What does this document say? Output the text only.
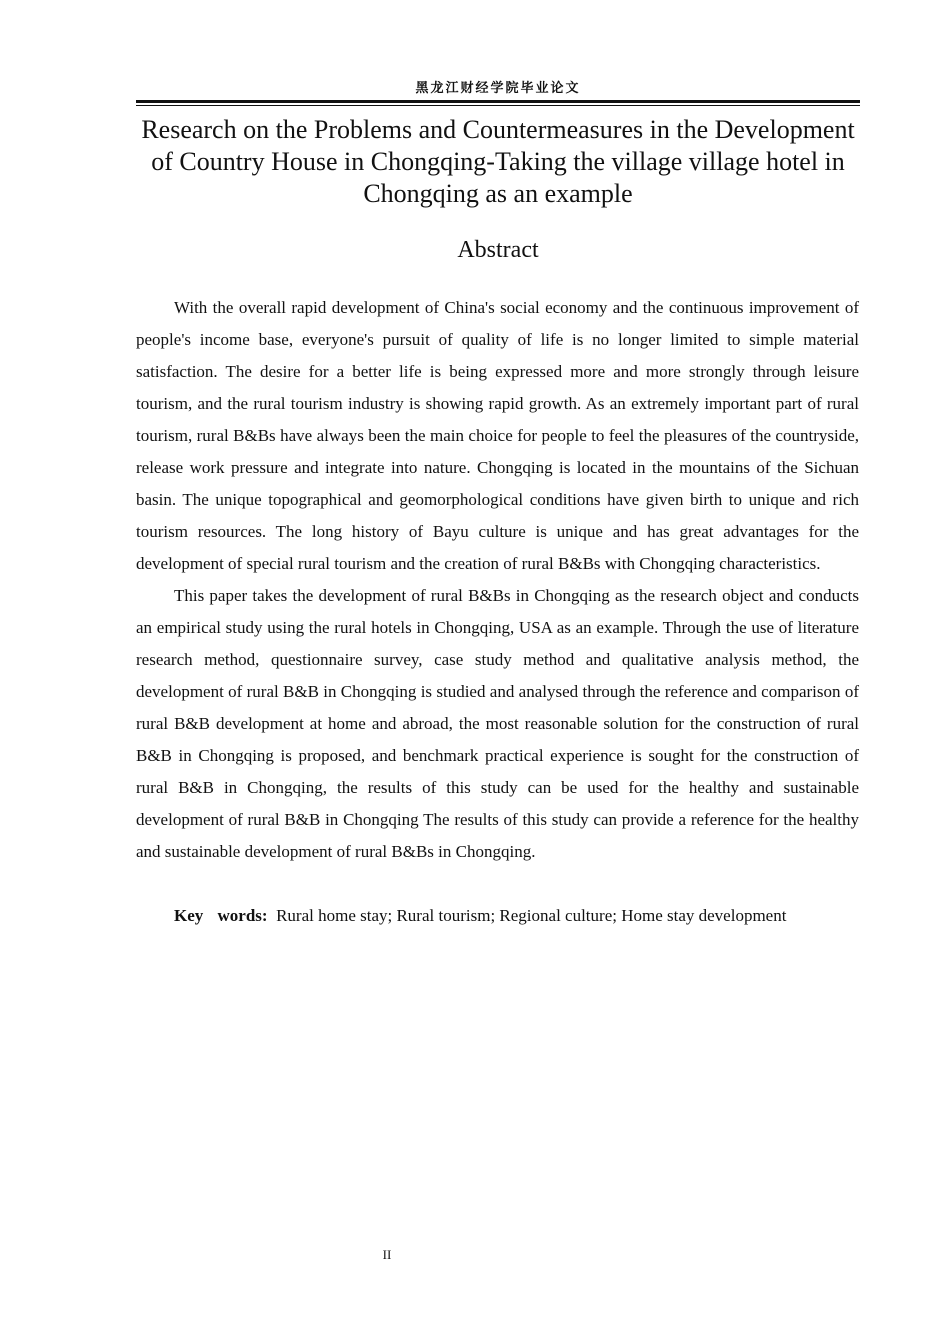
黑龙江财经学院毕业论文
Research on the Problems and Countermeasures in the Development of Country House in Chongqing-Taking the village village hotel in Chongqing as an example
Abstract

With the overall rapid development of China's social economy and the continuous improvement of people's income base, everyone's pursuit of quality of life is no longer limited to simple material satisfaction. The desire for a better life is being expressed more and more strongly through leisure tourism, and the rural tourism industry is showing rapid growth. As an extremely important part of rural tourism, rural B&Bs have always been the main choice for people to feel the pleasures of the countryside, release work pressure and integrate into nature. Chongqing is located in the mountains of the Sichuan basin. The unique topographical and geomorphological conditions have given birth to unique and rich tourism resources. The long history of Bayu culture is unique and has great advantages for the development of special rural tourism and the creation of rural B&Bs with Chongqing characteristics.

This paper takes the development of rural B&Bs in Chongqing as the research object and conducts an empirical study using the rural hotels in Chongqing, USA as an example. Through the use of literature research method, questionnaire survey, case study method and qualitative analysis method, the development of rural B&B in Chongqing is studied and analysed through the reference and comparison of rural B&B development at home and abroad, the most reasonable solution for the construction of rural B&B in Chongqing is proposed, and benchmark practical experience is sought for the construction of rural B&B in Chongqing, the results of this study can be used for the healthy and sustainable development of rural B&B in Chongqing The results of this study can provide a reference for the healthy and sustainable development of rural B&Bs in Chongqing.

Key words: Rural home stay; Rural tourism; Regional culture; Home stay development

II
